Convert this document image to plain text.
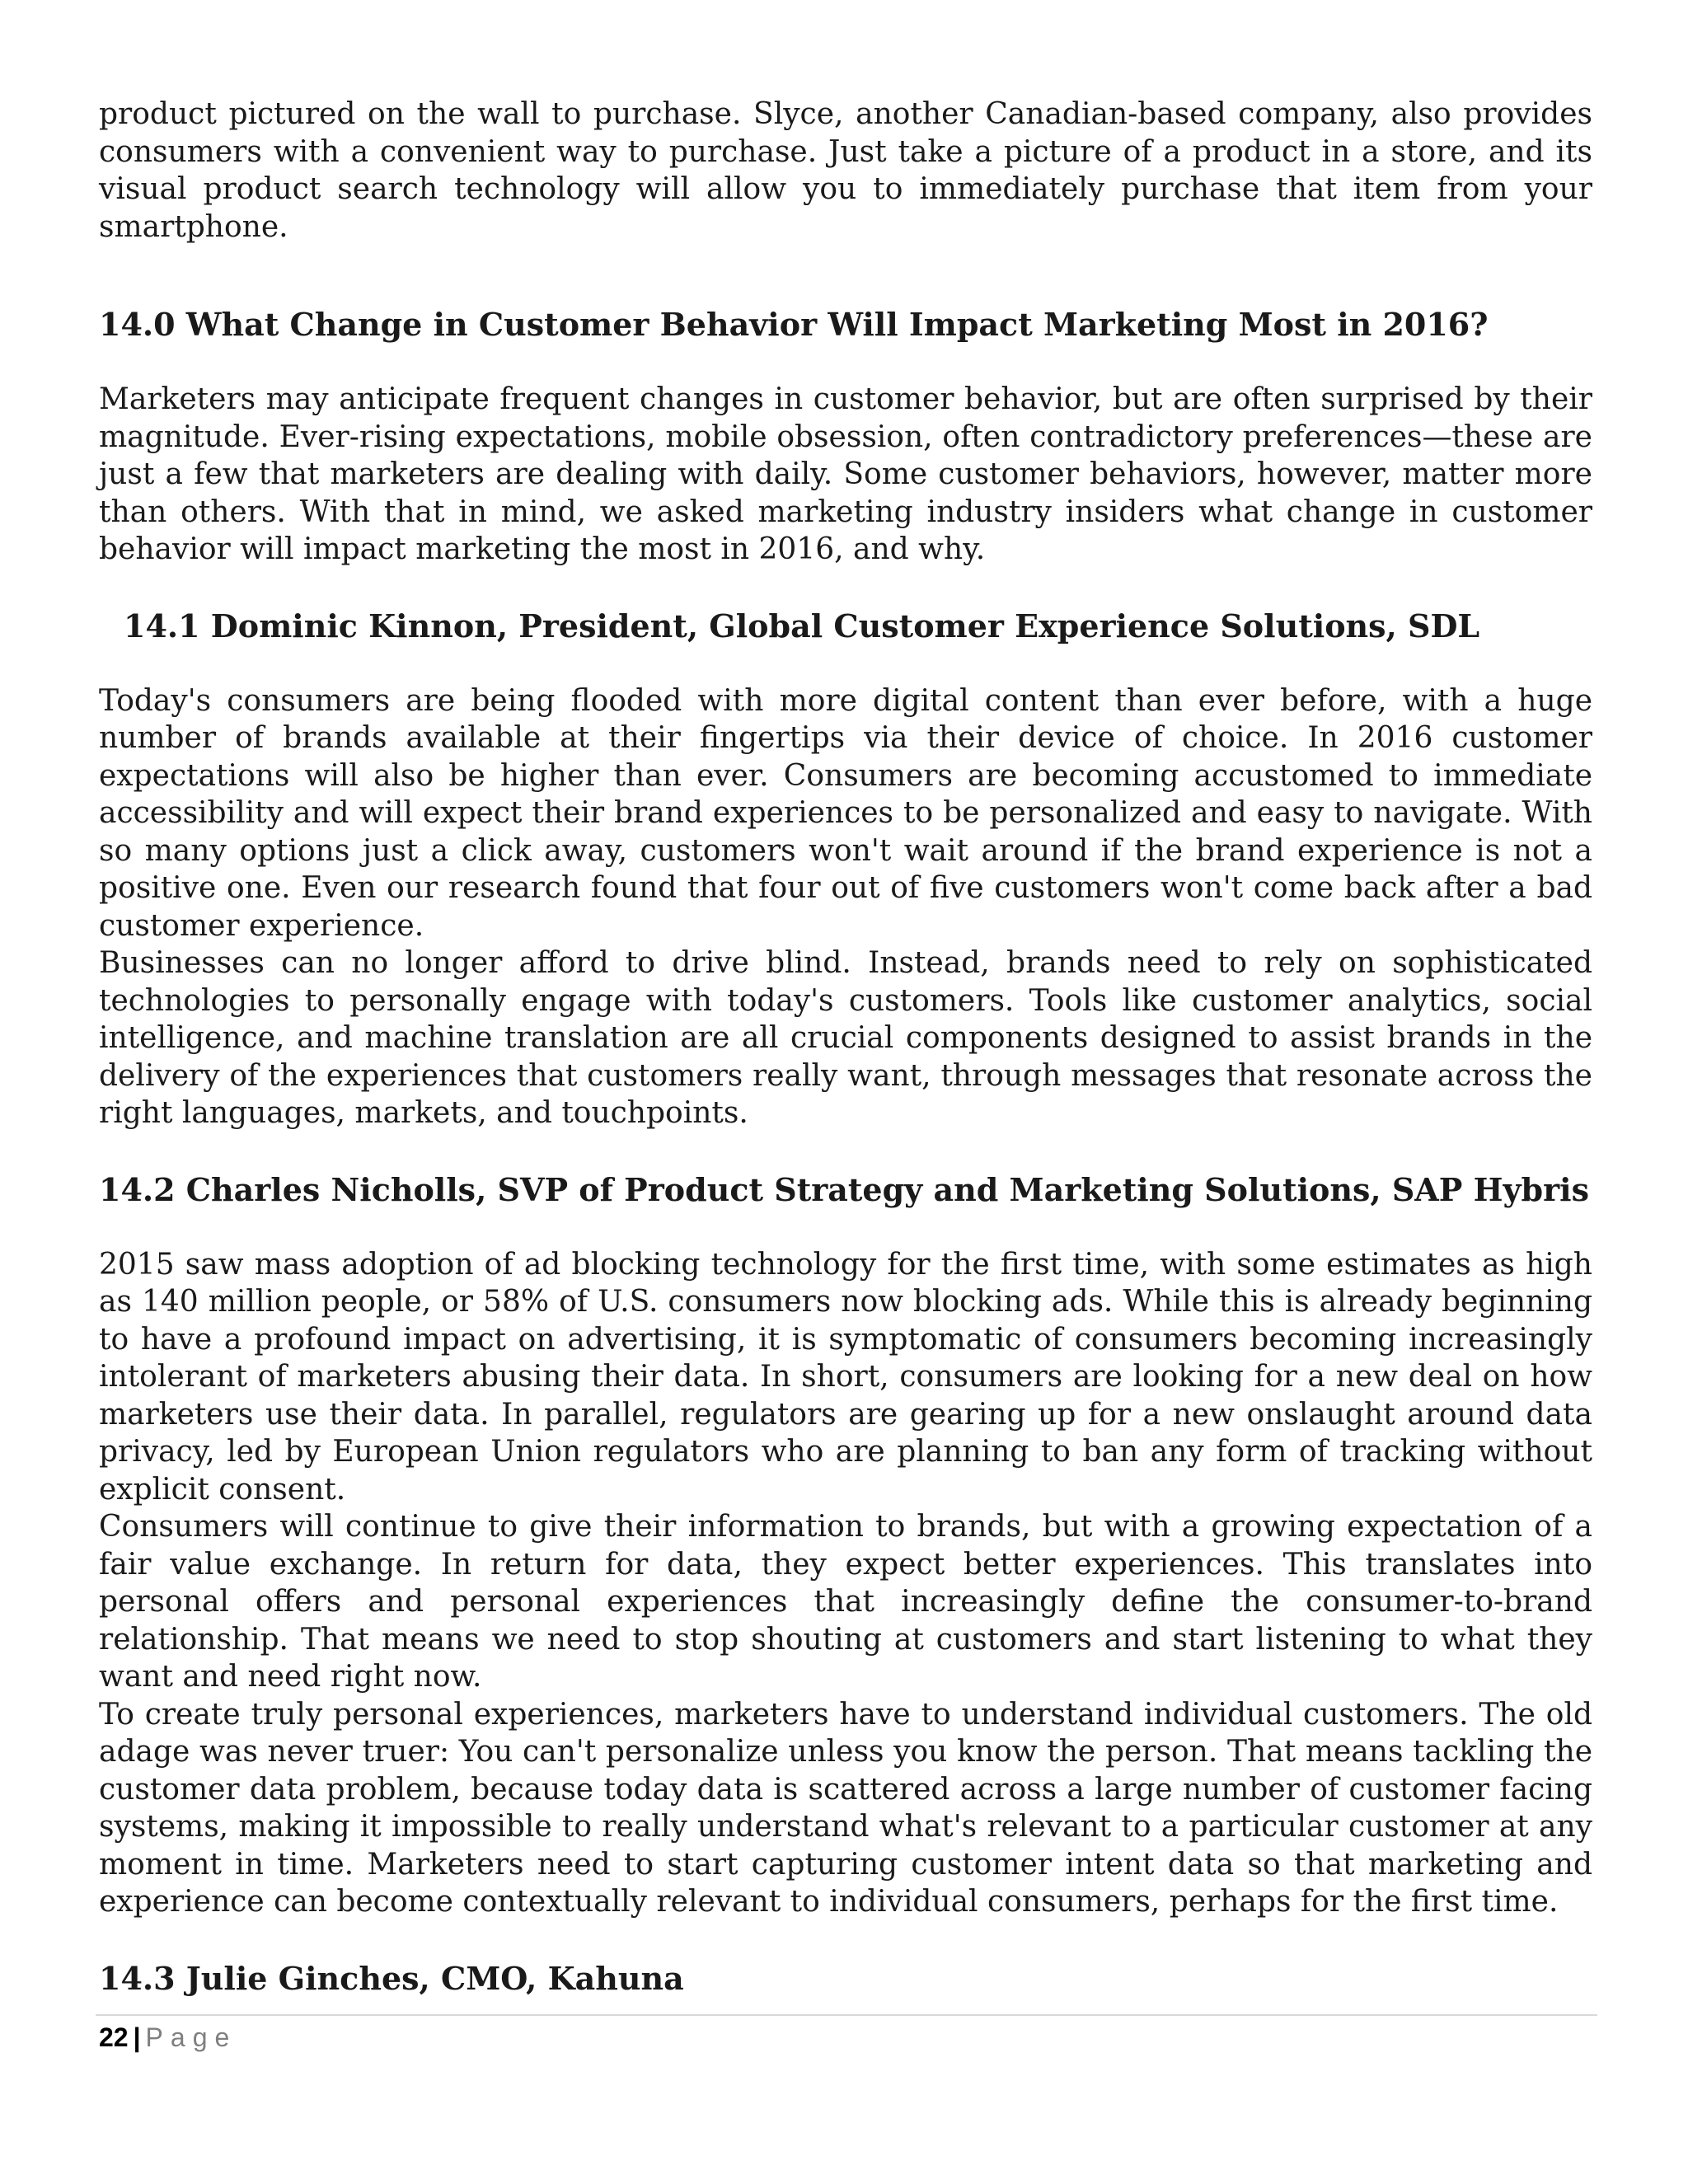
product pictured on the wall to purchase. Slyce, another Canadian-based company, also provides consumers with a convenient way to purchase. Just take a picture of a product in a store, and its visual product search technology will allow you to immediately purchase that item from your smartphone.

14.0 What Change in Customer Behavior Will Impact Marketing Most in 2016?

Marketers may anticipate frequent changes in customer behavior, but are often surprised by their magnitude. Ever-rising expectations, mobile obsession, often contradictory preferences—these are just a few that marketers are dealing with daily. Some customer behaviors, however, matter more than others. With that in mind, we asked marketing industry insiders what change in customer behavior will impact marketing the most in 2016, and why.

14.1 Dominic Kinnon, President, Global Customer Experience Solutions, SDL

Today's consumers are being flooded with more digital content than ever before, with a huge number of brands available at their fingertips via their device of choice. In 2016 customer expectations will also be higher than ever. Consumers are becoming accustomed to immediate accessibility and will expect their brand experiences to be personalized and easy to navigate. With so many options just a click away, customers won't wait around if the brand experience is not a positive one. Even our research found that four out of five customers won't come back after a bad customer experience.

Businesses can no longer afford to drive blind. Instead, brands need to rely on sophisticated technologies to personally engage with today's customers. Tools like customer analytics, social intelligence, and machine translation are all crucial components designed to assist brands in the delivery of the experiences that customers really want, through messages that resonate across the right languages, markets, and touchpoints.

14.2 Charles Nicholls, SVP of Product Strategy and Marketing Solutions, SAP Hybris

2015 saw mass adoption of ad blocking technology for the first time, with some estimates as high as 140 million people, or 58% of U.S. consumers now blocking ads. While this is already beginning to have a profound impact on advertising, it is symptomatic of consumers becoming increasingly intolerant of marketers abusing their data. In short, consumers are looking for a new deal on how marketers use their data. In parallel, regulators are gearing up for a new onslaught around data privacy, led by European Union regulators who are planning to ban any form of tracking without explicit consent.

Consumers will continue to give their information to brands, but with a growing expectation of a fair value exchange. In return for data, they expect better experiences. This translates into personal offers and personal experiences that increasingly define the consumer-to-brand relationship. That means we need to stop shouting at customers and start listening to what they want and need right now.

To create truly personal experiences, marketers have to understand individual customers. The old adage was never truer: You can't personalize unless you know the person. That means tackling the customer data problem, because today data is scattered across a large number of customer facing systems, making it impossible to really understand what's relevant to a particular customer at any moment in time. Marketers need to start capturing customer intent data so that marketing and experience can become contextually relevant to individual consumers, perhaps for the first time.

14.3 Julie Ginches, CMO, Kahuna
22 | Page
